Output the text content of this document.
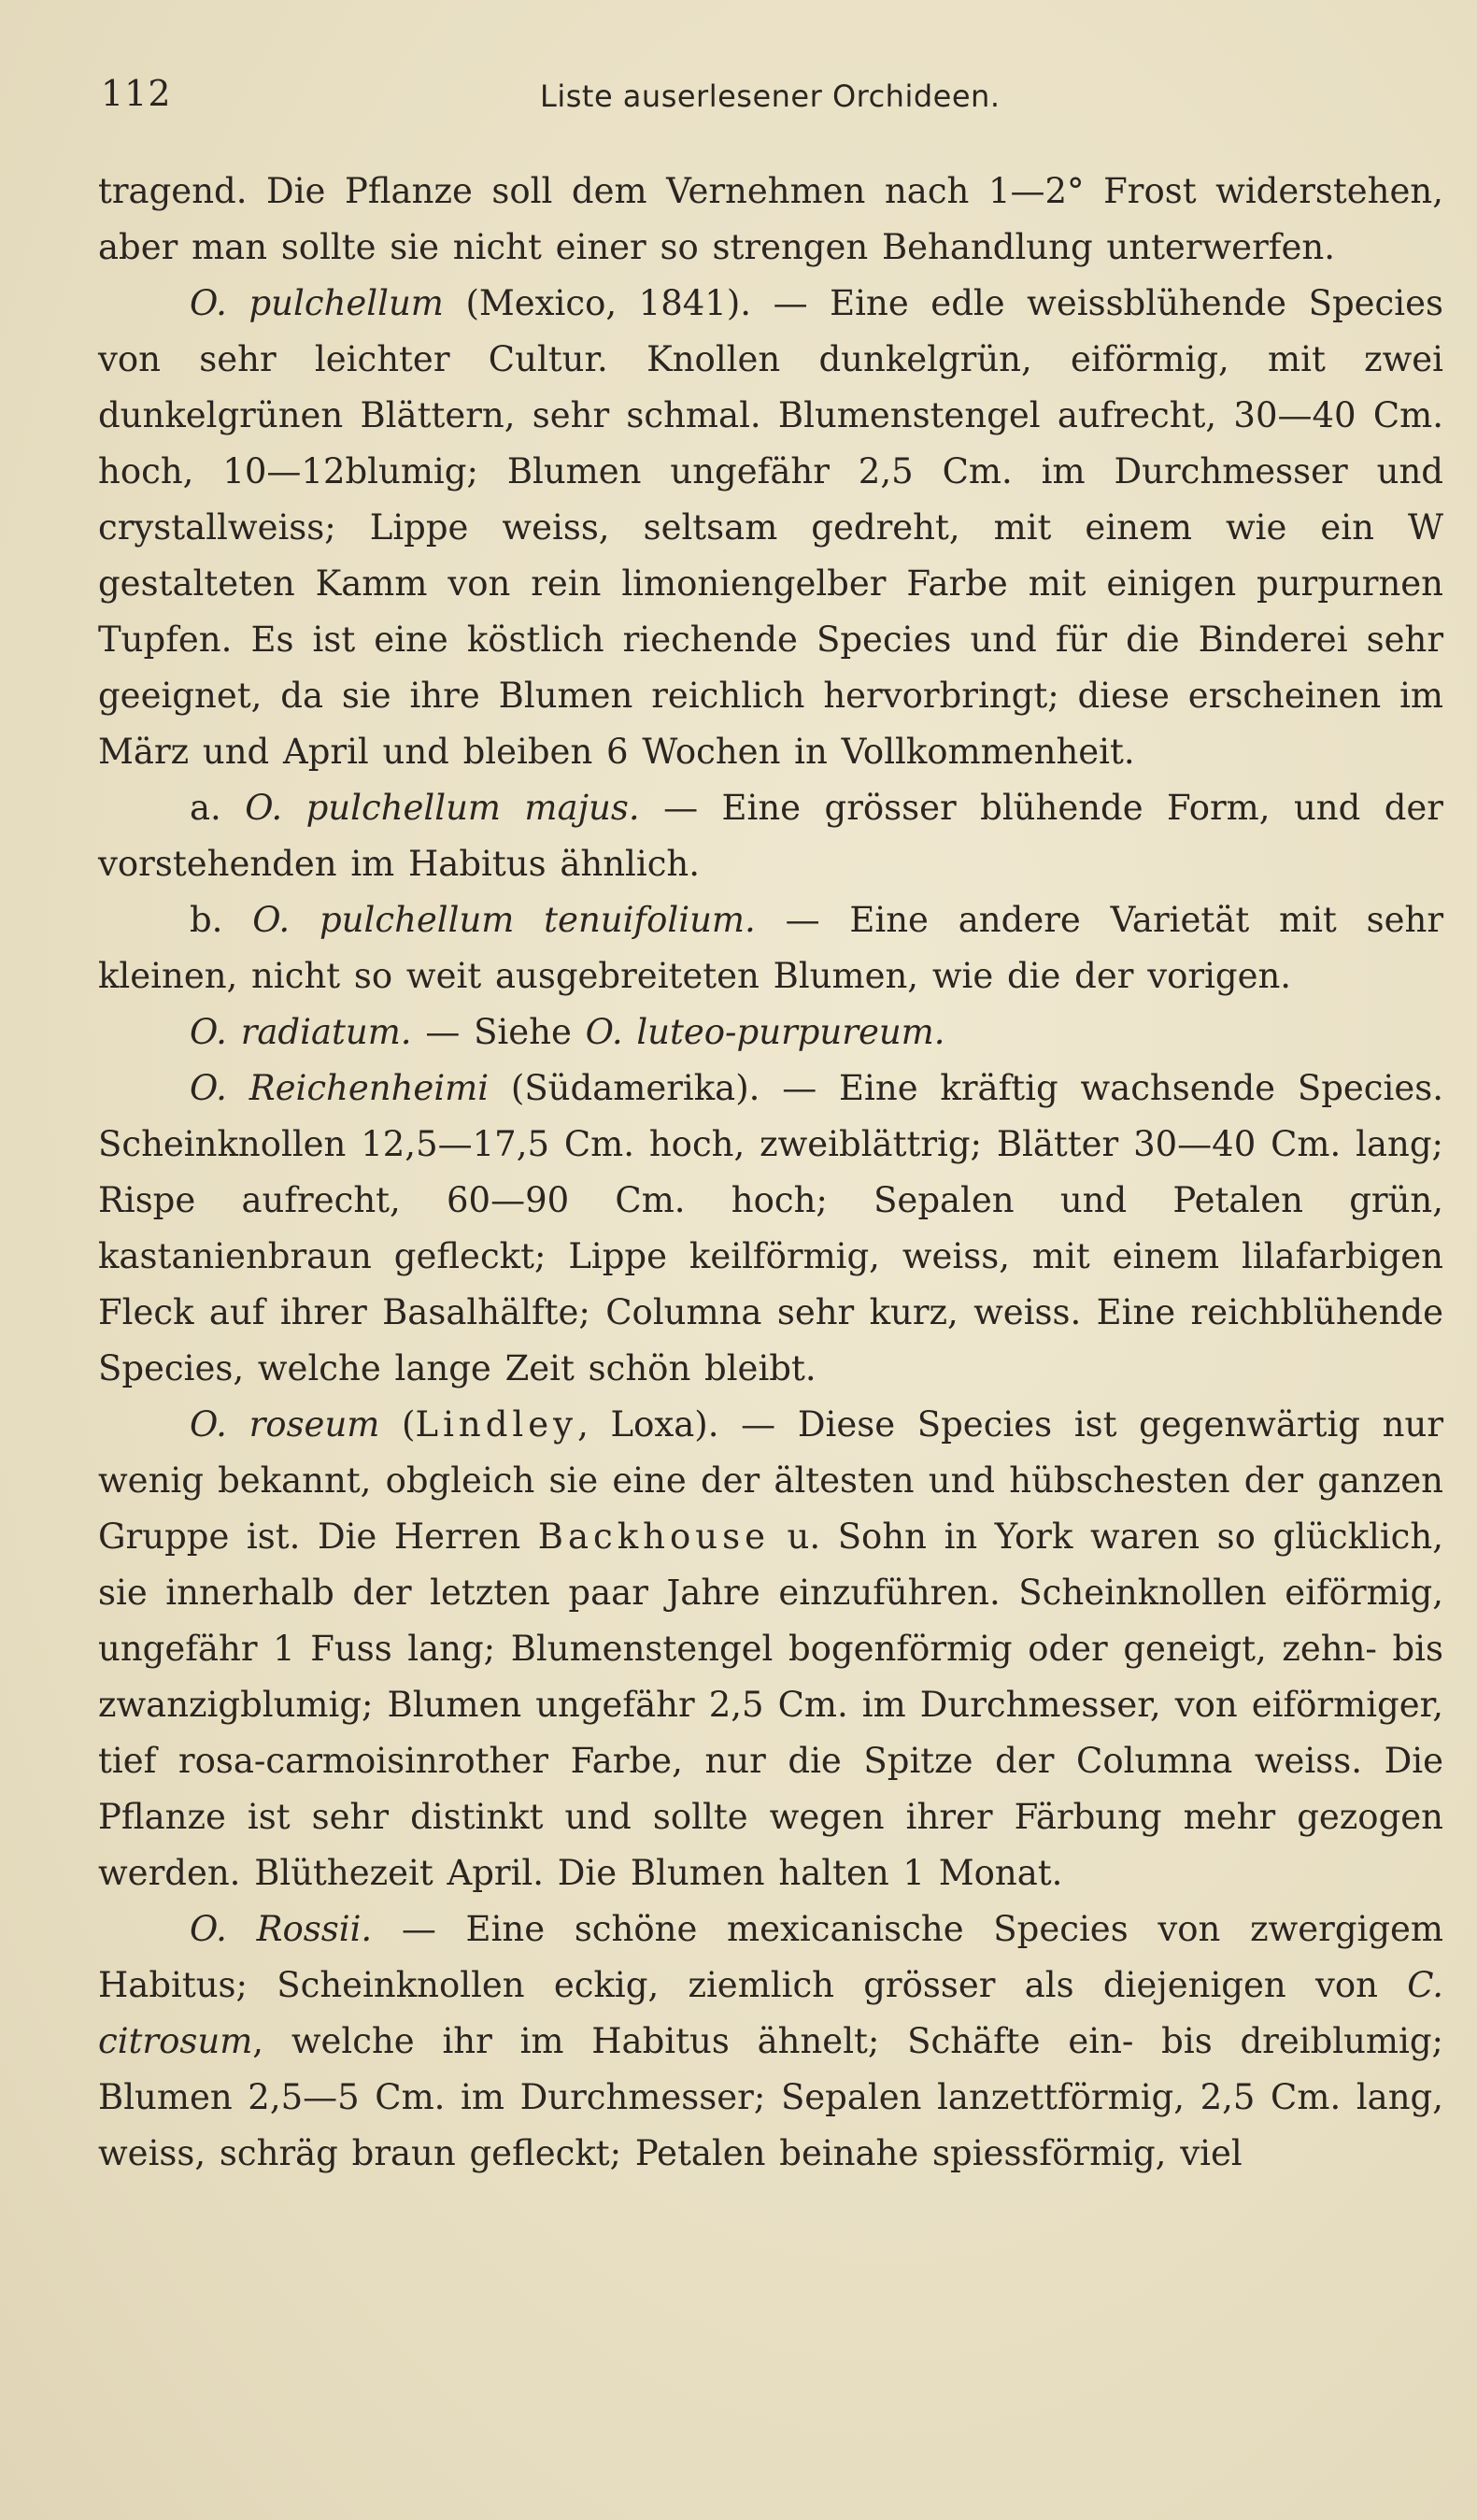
112	Liste auserlesener Orchideen.

tragend. Die Pflanze soll dem Vernehmen nach 1—2° Frost widerstehen, aber man sollte sie nicht einer so strengen Behandlung unterwerfen.

O. pulchellum (Mexico, 1841). — Eine edle weissblühende Species von sehr leichter Cultur. Knollen dunkelgrün, eiförmig, mit zwei dunkelgrünen Blättern, sehr schmal. Blumenstengel aufrecht, 30—40 Cm. hoch, 10—12blumig; Blumen ungefähr 2,5 Cm. im Durchmesser und crystallweiss; Lippe weiss, seltsam gedreht, mit einem wie ein W gestalteten Kamm von rein limoniengelber Farbe mit einigen purpurnen Tupfen. Es ist eine köstlich riechende Species und für die Binderei sehr geeignet, da sie ihre Blumen reichlich hervorbringt; diese erscheinen im März und April und bleiben 6 Wochen in Vollkommenheit.

a. O. pulchellum majus. — Eine grösser blühende Form, und der vorstehenden im Habitus ähnlich.

b. O. pulchellum tenuifolium. — Eine andere Varietät mit sehr kleinen, nicht so weit ausgebreiteten Blumen, wie die der vorigen.

O. radiatum. — Siehe O. luteo-purpureum.

O. Reichenheimi (Südamerika). — Eine kräftig wachsende Species. Scheinknollen 12,5—17,5 Cm. hoch, zweiblättrig; Blätter 30—40 Cm. lang; Rispe aufrecht, 60—90 Cm. hoch; Sepalen und Petalen grün, kastanienbraun gefleckt; Lippe keilförmig, weiss, mit einem lilafarbigen Fleck auf ihrer Basalhälfte; Columna sehr kurz, weiss. Eine reichblühende Species, welche lange Zeit schön bleibt.

O. roseum (Lindley, Loxa). — Diese Species ist gegenwärtig nur wenig bekannt, obgleich sie eine der ältesten und hübschesten der ganzen Gruppe ist. Die Herren Backhouse u. Sohn in York waren so glücklich, sie innerhalb der letzten paar Jahre einzuführen. Scheinknollen eiförmig, ungefähr 1 Fuss lang; Blumenstengel bogenförmig oder geneigt, zehn- bis zwanzigblumig; Blumen ungefähr 2,5 Cm. im Durchmesser, von eiförmiger, tief rosa-carmoisinrother Farbe, nur die Spitze der Columna weiss. Die Pflanze ist sehr distinkt und sollte wegen ihrer Färbung mehr gezogen werden. Blüthezeit April. Die Blumen halten 1 Monat.

O. Rossii. — Eine schöne mexicanische Species von zwergigem Habitus; Scheinknollen eckig, ziemlich grösser als diejenigen von C. citrosum, welche ihr im Habitus ähnelt; Schäfte ein- bis dreiblumig; Blumen 2,5—5 Cm. im Durchmesser; Sepalen lanzettförmig, 2,5 Cm. lang, weiss, schräg braun gefleckt; Petalen beinahe spiessförmig, viel
